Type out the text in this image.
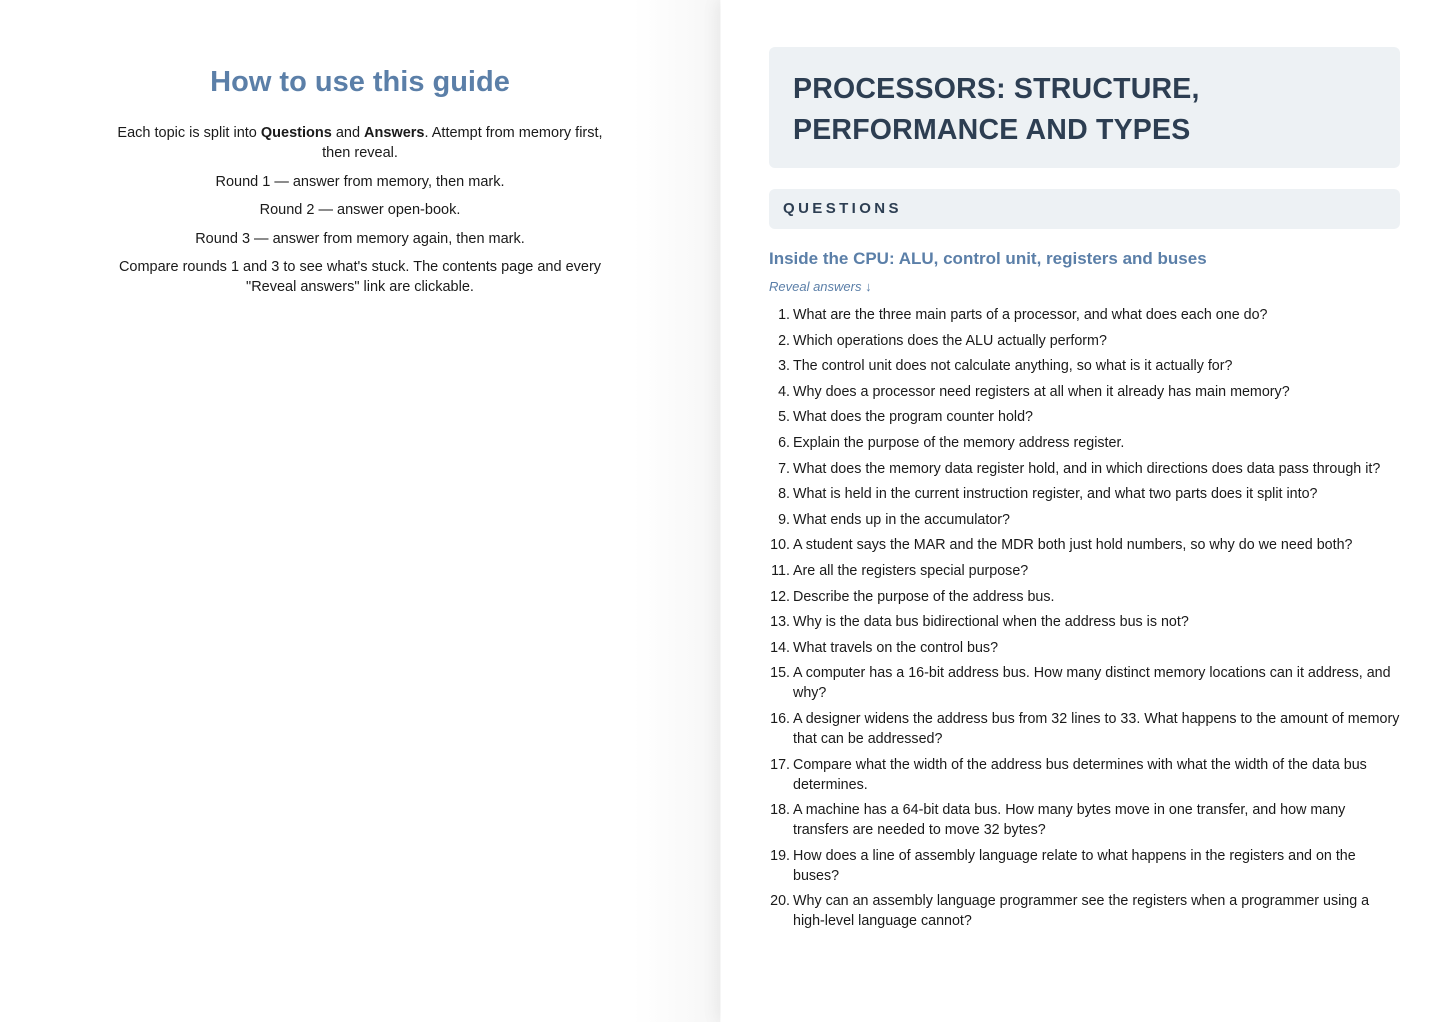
How to use this guide

Each topic is split into Questions and Answers. Attempt from memory first, then reveal.

Round 1 — answer from memory, then mark.

Round 2 — answer open-book.

Round 3 — answer from memory again, then mark.

Compare rounds 1 and 3 to see what's stuck. The contents page and every "Reveal answers" link are clickable.

PROCESSORS: STRUCTURE, PERFORMANCE AND TYPES
QUESTIONS
Inside the CPU: ALU, control unit, registers and buses
Reveal answers ↓
1. What are the three main parts of a processor, and what does each one do?
2. Which operations does the ALU actually perform?
3. The control unit does not calculate anything, so what is it actually for?
4. Why does a processor need registers at all when it already has main memory?
5. What does the program counter hold?
6. Explain the purpose of the memory address register.
7. What does the memory data register hold, and in which directions does data pass through it?
8. What is held in the current instruction register, and what two parts does it split into?
9. What ends up in the accumulator?
10. A student says the MAR and the MDR both just hold numbers, so why do we need both?
11. Are all the registers special purpose?
12. Describe the purpose of the address bus.
13. Why is the data bus bidirectional when the address bus is not?
14. What travels on the control bus?
15. A computer has a 16-bit address bus. How many distinct memory locations can it address, and why?
16. A designer widens the address bus from 32 lines to 33. What happens to the amount of memory that can be addressed?
17. Compare what the width of the address bus determines with what the width of the data bus determines.
18. A machine has a 64-bit data bus. How many bytes move in one transfer, and how many transfers are needed to move 32 bytes?
19. How does a line of assembly language relate to what happens in the registers and on the buses?
20. Why can an assembly language programmer see the registers when a programmer using a high-level language cannot?
